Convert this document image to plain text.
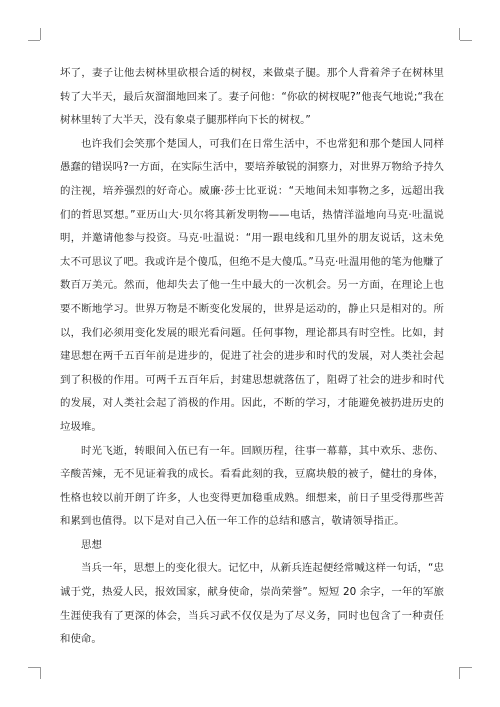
坏了，妻子让他去树林里砍根合适的树杈，来做桌子腿。那个人背着斧子在树林里转了大半天，最后灰溜溜地回来了。妻子问他：“你砍的树杈呢?”他丧气地说;“我在树林里转了大半天，没有象桌子腿那样向下长的树杈。”

也许我们会笑那个楚国人，可我们在日常生活中，不也常犯和那个楚国人同样愚蠢的错误吗?一方面，在实际生活中，要培养敏锐的洞察力，对世界万物给予持久的注视，培养强烈的好奇心。威廉·莎士比亚说：“天地间未知事物之多，远超出我们的哲思冥想。”亚历山大·贝尔将其新发明物——电话，热情洋溢地向马克·吐温说明，并邀请他参与投资。马克·吐温说：“用一跟电线和几里外的朋友说话，这未免太不可思议了吧。我或许是个傻瓜，但绝不是大傻瓜。”马克·吐温用他的笔为他赚了数百万美元。然而，他却失去了他一生中最大的一次机会。另一方面，在理论上也要不断地学习。世界万物是不断变化发展的，世界是运动的，静止只是相对的。所以，我们必须用变化发展的眼光看问题。任何事物，理论都具有时空性。比如，封建思想在两千五百年前是进步的，促进了社会的进步和时代的发展，对人类社会起到了积极的作用。可两千五百年后，封建思想就落伍了，阻碍了社会的进步和时代的发展，对人类社会起了消极的作用。因此，不断的学习，才能避免被扔进历史的垃圾堆。

时光飞逝，转眼间入伍已有一年。回顾历程，往事一幕幕，其中欢乐、悲伤、辛酸苦辣，无不见证着我的成长。看看此刻的我，豆腐块般的被子，健壮的身体，性格也较以前开朗了许多，人也变得更加稳重成熟。细想来，前日子里受得那些苦和累到也值得。以下是对自己入伍一年工作的总结和感言，敬请领导指正。

思想

当兵一年，思想上的变化很大。记忆中，从新兵连起便经常喊这样一句话，“忠诚于党，热爱人民，报效国家，献身使命，崇尚荣誉”。短短 20 余字，一年的军旅生涯使我有了更深的体会，当兵习武不仅仅是为了尽义务，同时也包含了一种责任和使命。
